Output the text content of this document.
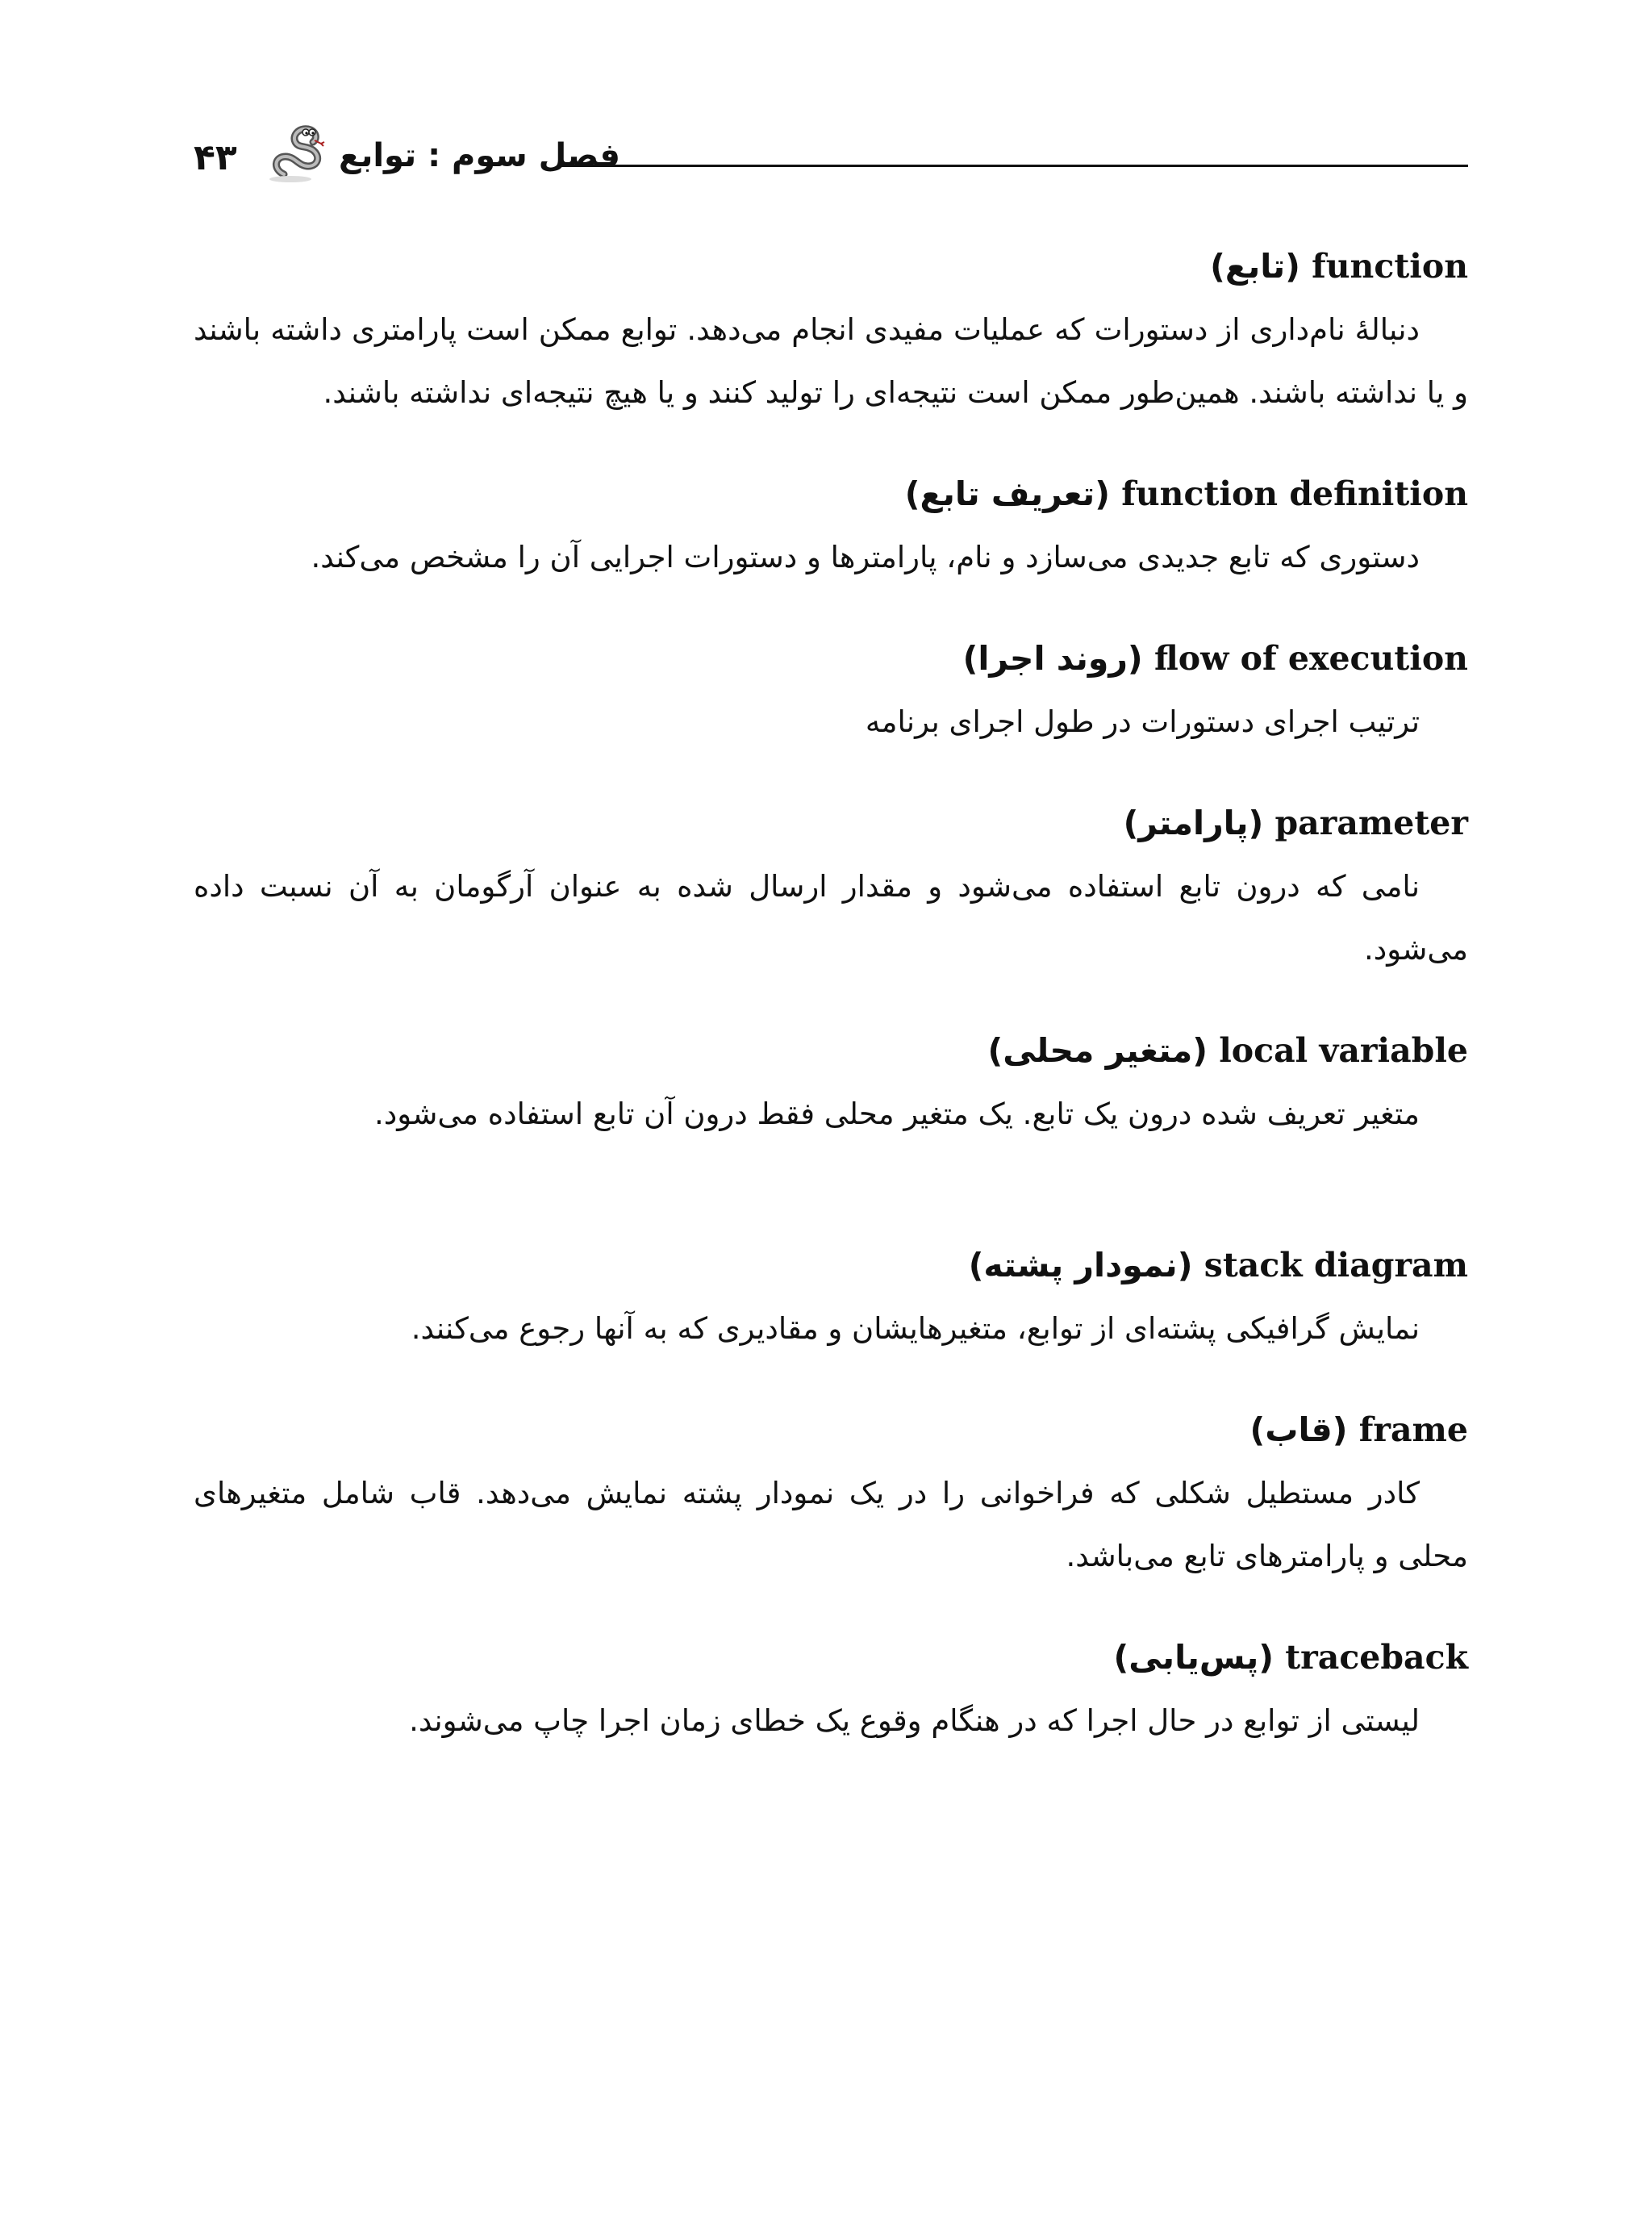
۴۳	فصل سوم : توابع
function (تابع)

دنبالهٔ نام‌داری از دستورات که عملیات مفیدی انجام می‌دهد. توابع ممکن است پارامتری داشته باشند و یا نداشته باشند. همین‌طور ممکن است نتیجه‌ای را تولید کنند و یا هیچ نتیجه‌ای نداشته باشند.

function definition (تعریف تابع)

دستوری که تابع جدیدی می‌سازد و نام، پارامترها و دستورات اجرایی آن را مشخص می‌کند.

flow of execution (روند اجرا)

ترتیب اجرای دستورات در طول اجرای برنامه

parameter (پارامتر)

نامی که درون تابع استفاده می‌شود و مقدار ارسال شده به عنوان آرگومان به آن نسبت داده می‌شود.

local variable (متغیر محلی)

متغیر تعریف شده درون یک تابع. یک متغیر محلی فقط درون آن تابع استفاده می‌شود.

stack diagram (نمودار پشته)

نمایش گرافیکی پشته‌ای از توابع، متغیرهایشان و مقادیری که به آنها رجوع می‌کنند.

frame (قاب)

کادر مستطیل شکلی که فراخوانی را در یک نمودار پشته نمایش می‌دهد. قاب شامل متغیرهای محلی و پارامترهای تابع می‌باشد.

traceback (پس‌یابی)

لیستی از توابع در حال اجرا که در هنگام وقوع یک خطای زمان اجرا چاپ می‌شوند.
